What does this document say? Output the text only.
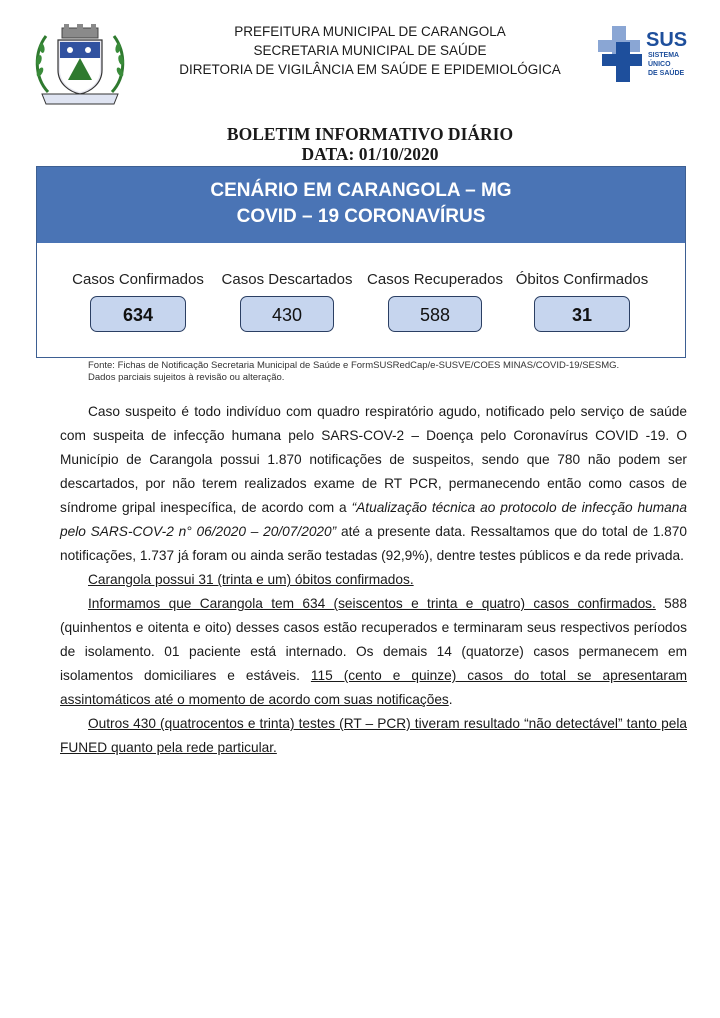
SUS
SISTEMA
ÚNICO
DE SAÚDE
PREFEITURA MUNICIPAL DE CARANGOLA
SECRETARIA MUNICIPAL DE SAÚDE
DIRETORIA DE VIGILÂNCIA EM SAÚDE E EPIDEMIOLÓGICA
BOLETIM INFORMATIVO DIÁRIO
DATA: 01/10/2020
CENÁRIO EM CARANGOLA – MG
COVID – 19 CORONAVÍRUS
Casos Confirmados
634
Casos Descartados
430
Casos Recuperados
588
Óbitos Confirmados
31
Fonte: Fichas de Notificação Secretaria Municipal de Saúde e FormSUSRedCap/e-SUSVE/COES MINAS/COVID-19/SESMG.
Dados parciais sujeitos à revisão ou alteração.

Caso suspeito é todo indivíduo com quadro respiratório agudo, notificado pelo serviço de saúde com suspeita de infecção humana pelo SARS-COV-2 – Doença pelo Coronavírus COVID -19. O Município de Carangola possui 1.870 notificações de suspeitos, sendo que 780 não podem ser descartados, por não terem realizados exame de RT PCR, permanecendo então como casos de síndrome gripal inespecífica, de acordo com a “Atualização técnica ao protocolo de infecção humana pelo SARS-COV-2 n° 06/2020 – 20/07/2020” até a presente data. Ressaltamos que do total de 1.870 notificações, 1.737 já foram ou ainda serão testadas (92,9%), dentre testes públicos e da rede privada.

Carangola possui 31 (trinta e um) óbitos confirmados.

Informamos que Carangola tem 634 (seiscentos e trinta e quatro) casos confirmados. 588 (quinhentos e oitenta e oito) desses casos estão recuperados e terminaram seus respectivos períodos de isolamento. 01 paciente está internado. Os demais 14 (quatorze) casos permanecem em isolamentos domiciliares e estáveis. 115 (cento e quinze) casos do total se apresentaram assintomáticos até o momento de acordo com suas notificações.

Outros 430 (quatrocentos e trinta) testes (RT – PCR) tiveram resultado “não detectável” tanto pela FUNED quanto pela rede particular.
